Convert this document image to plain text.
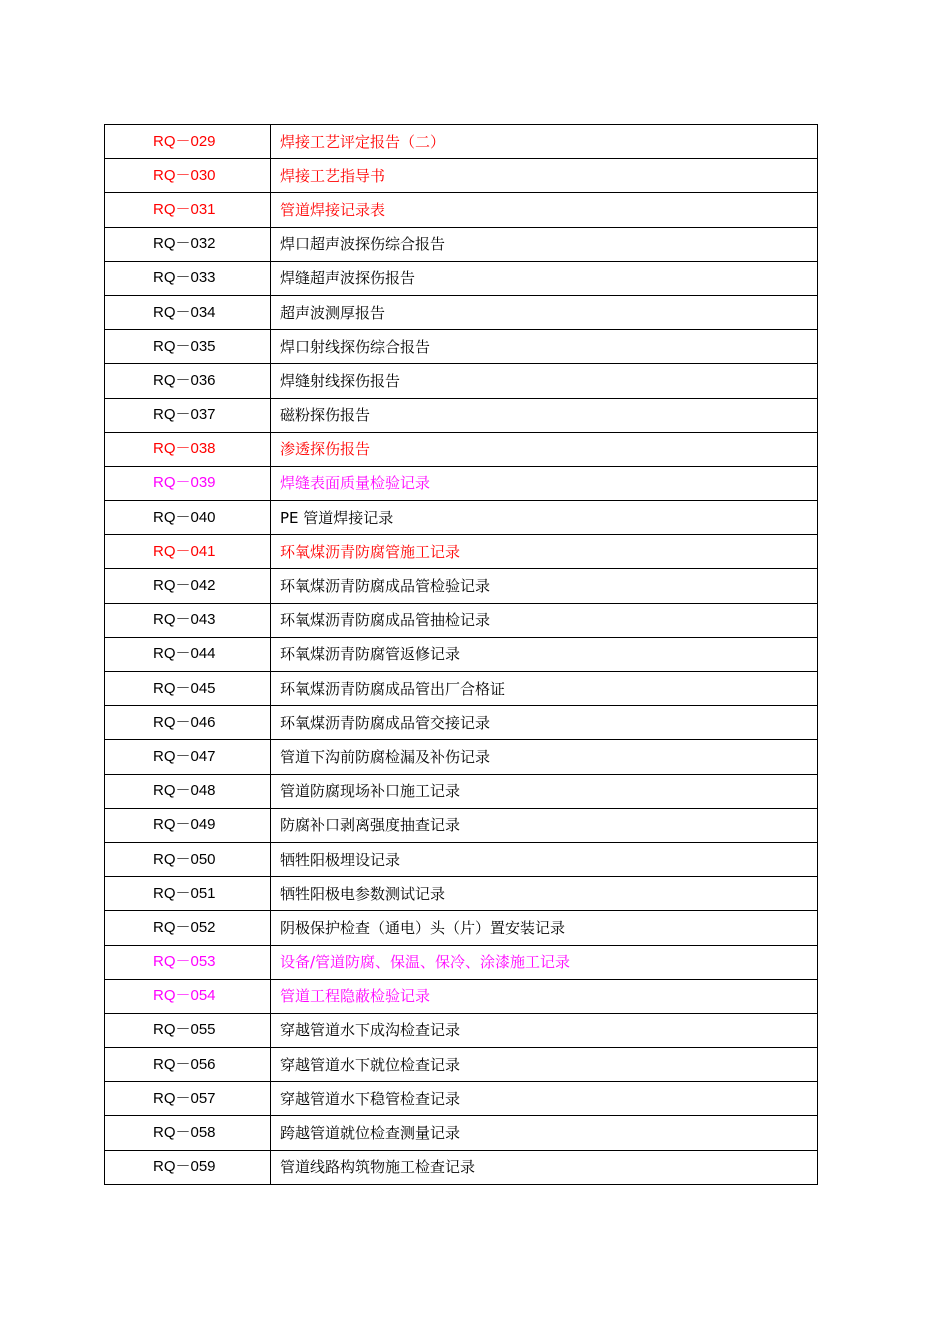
RQ－029	焊接工艺评定报告（二）
RQ－030	焊接工艺指导书
RQ－031	管道焊接记录表
RQ－032	焊口超声波探伤综合报告
RQ－033	焊缝超声波探伤报告
RQ－034	超声波测厚报告
RQ－035	焊口射线探伤综合报告
RQ－036	焊缝射线探伤报告
RQ－037	磁粉探伤报告
RQ－038	渗透探伤报告
RQ－039	焊缝表面质量检验记录
RQ－040	PE 管道焊接记录
RQ－041	环氧煤沥青防腐管施工记录
RQ－042	环氧煤沥青防腐成品管检验记录
RQ－043	环氧煤沥青防腐成品管抽检记录
RQ－044	环氧煤沥青防腐管返修记录
RQ－045	环氧煤沥青防腐成品管出厂合格证
RQ－046	环氧煤沥青防腐成品管交接记录
RQ－047	管道下沟前防腐检漏及补伤记录
RQ－048	管道防腐现场补口施工记录
RQ－049	防腐补口剥离强度抽查记录
RQ－050	牺牲阳极埋设记录
RQ－051	牺牲阳极电参数测试记录
RQ－052	阴极保护检查（通电）头（片）置安装记录
RQ－053	设备/管道防腐、保温、保冷、涂漆施工记录
RQ－054	管道工程隐蔽检验记录
RQ－055	穿越管道水下成沟检查记录
RQ－056	穿越管道水下就位检查记录
RQ－057	穿越管道水下稳管检查记录
RQ－058	跨越管道就位检查测量记录
RQ－059	管道线路构筑物施工检查记录
